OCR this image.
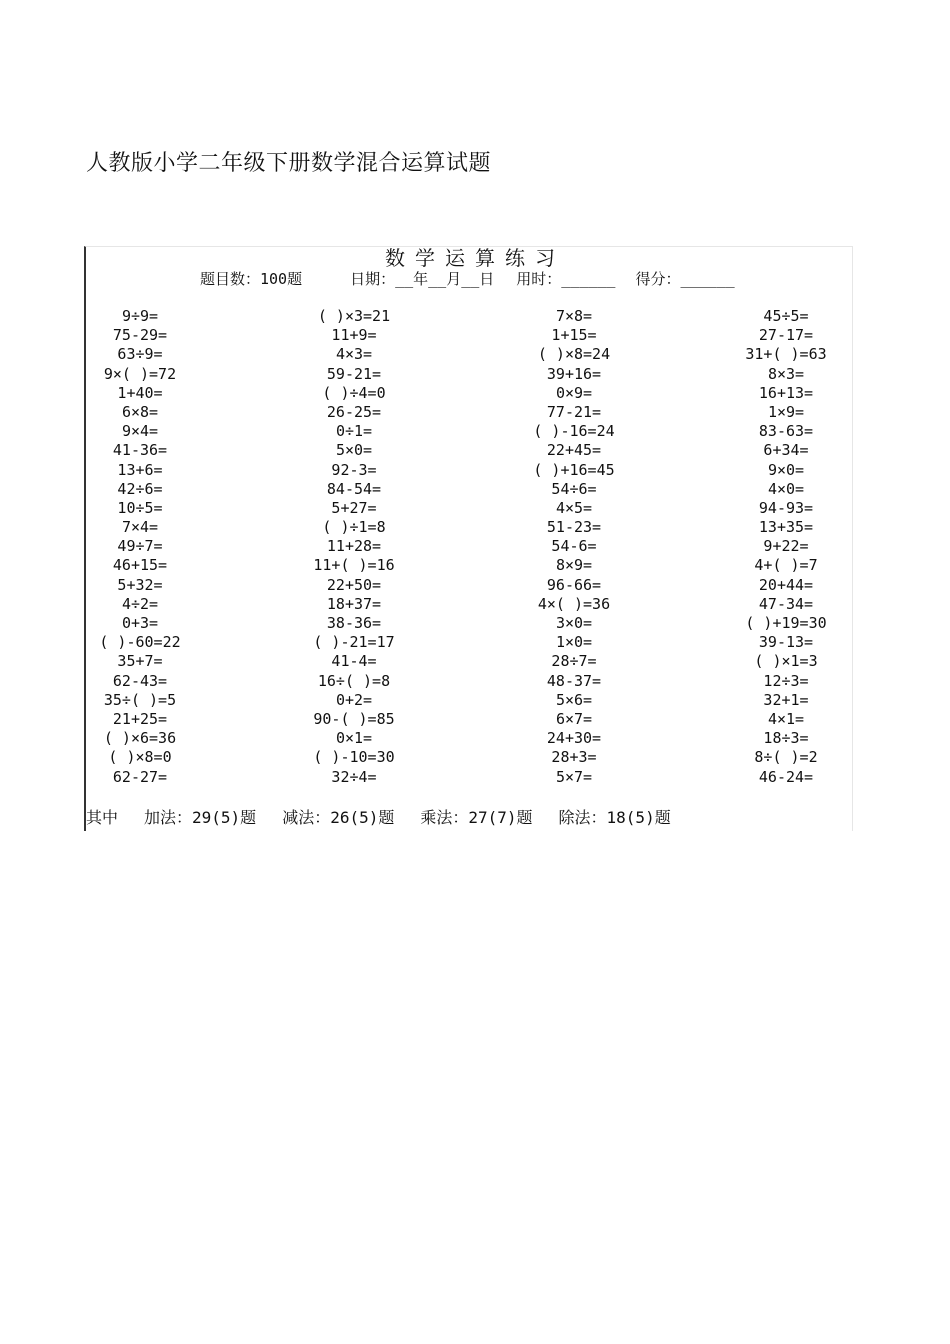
人教版小学二年级下册数学混合运算试题
数学运算练习
题目数：100题	日期：__年__月__日 用时：______ 得分：______
9÷9=
75-29=
63÷9=
9×( )=72
1+40=
6×8=
9×4=
41-36=
13+6=
42÷6=
10÷5=
7×4=
49÷7=
46+15=
5+32=
4÷2=
0+3=
( )-60=22
35+7=
62-43=
35÷( )=5
21+25=
( )×6=36
( )×8=0
62-27=
( )×3=21
11+9=
4×3=
59-21=
( )÷4=0
26-25=
0÷1=
5×0=
92-3=
84-54=
5+27=
( )÷1=8
11+28=
11+( )=16
22+50=
18+37=
38-36=
( )-21=17
41-4=
16÷( )=8
0+2=
90-( )=85
0×1=
( )-10=30
32÷4=
7×8=
1+15=
( )×8=24
39+16=
0×9=
77-21=
( )-16=24
22+45=
( )+16=45
54÷6=
4×5=
51-23=
54-6=
8×9=
96-66=
4×( )=36
3×0=
1×0=
28÷7=
48-37=
5×6=
6×7=
24+30=
28+3=
5×7=
45÷5=
27-17=
31+( )=63
8×3=
16+13=
1×9=
83-63=
6+34=
9×0=
4×0=
94-93=
13+35=
9+22=
4+( )=7
20+44=
47-34=
( )+19=30
39-13=
( )×1=3
12÷3=
32+1=
4×1=
18÷3=
8÷( )=2
46-24=
其中 加法：29(5)题 减法：26(5)题 乘法：27(7)题 除法：18(5)题
